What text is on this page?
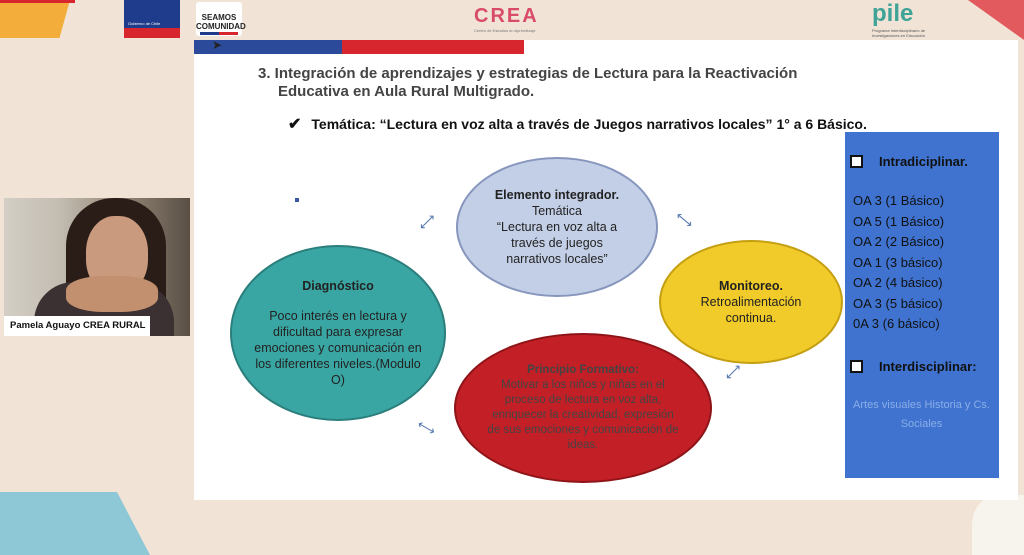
Gobierno de Chile
SEAMOS COMUNIDAD	CREA
Centro de Estudios en Aprendizaje
pile
Programa Interdisciplinario de Investigaciones en Educación
➤
3. Integración de aprendizajes y estrategias de Lectura para la Reactivación
Educativa en Aula Rural Multigrado.
✔ Temática: “Lectura en voz alta a través de Juegos narrativos locales” 1° a 6 Básico.
Diagnóstico
Poco interés en lectura y dificultad para expresar emociones y comunicación en los diferentes niveles.(Modulo O)
Elemento integrador.
Temática
“Lectura en voz alta a través de juegos narrativos locales”
Monitoreo.
Retroalimentación continua.
Principio Formativo:
Motivar a los niños y niñas en el proceso de lectura en voz alta, enriquecer la creatividad, expresión de sus emociones y comunicación de ideas.
⟷	⟷
⟷
⟷
Intradiciplinar.
OA 3 (1 Básico)
OA 5 (1 Básico)
OA 2 (2 Básico)
OA 1 (3 básico)
OA 2 (4 básico)
OA 3 (5 básico)
0A 3 (6 básico)
Interdisciplinar:
Artes visuales Historia y Cs. Sociales
Pamela Aguayo CREA RURAL
